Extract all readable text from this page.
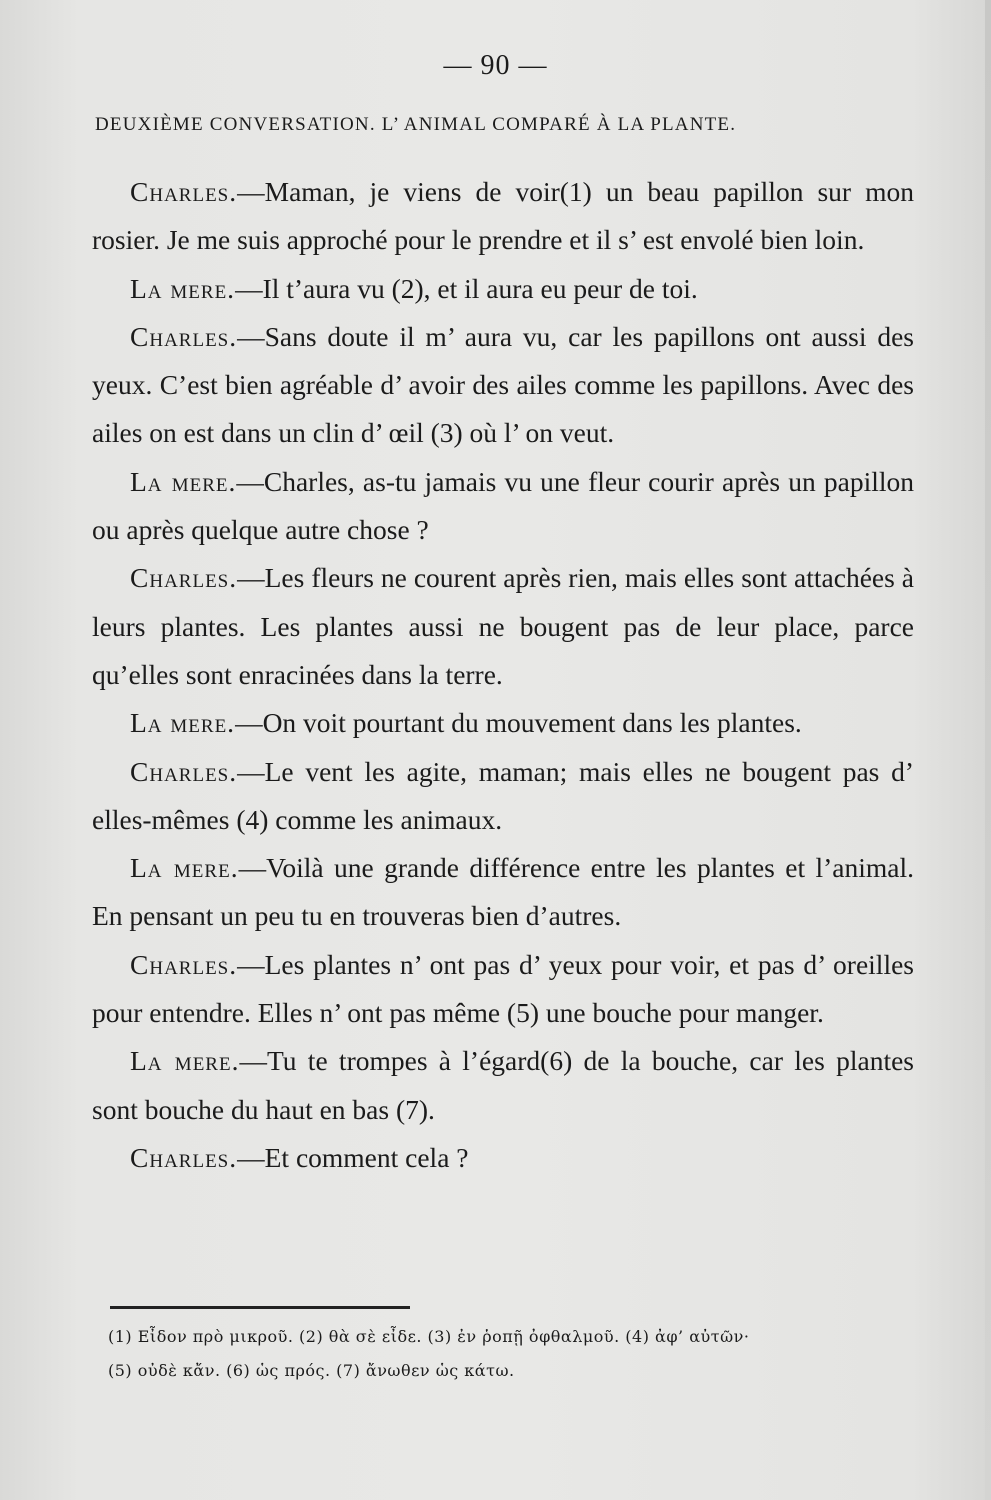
— 90 —
DEUXIÈME CONVERSATION. L’ ANIMAL COMPARÉ À LA PLANTE.

Charles.—Maman, je viens de voir(1) un beau papillon sur mon rosier. Je me suis approché pour le prendre et il s’ est envolé bien loin.

La mere.—Il t’aura vu (2), et il aura eu peur de toi.

Charles.—Sans doute il m’ aura vu, car les papillons ont aussi des yeux. C’est bien agréable d’ avoir des ailes comme les papillons. Avec des ailes on est dans un clin d’ œil (3) où l’ on veut.

La mere.—Charles, as-tu jamais vu une fleur courir après un papillon ou après quelque autre chose ?

Charles.—Les fleurs ne courent après rien, mais elles sont attachées à leurs plantes. Les plantes aussi ne bougent pas de leur place, parce qu’elles sont enracinées dans la terre.

La mere.—On voit pourtant du mouvement dans les plantes.

Charles.—Le vent les agite, maman; mais elles ne bougent pas d’ elles-mêmes (4) comme les animaux.

La mere.—Voilà une grande différence entre les plantes et l’animal. En pensant un peu tu en trouveras bien d’autres.

Charles.—Les plantes n’ ont pas d’ yeux pour voir, et pas d’ oreilles pour entendre. Elles n’ ont pas même (5) une bouche pour manger.

La mere.—Tu te trompes à l’égard(6) de la bouche, car les plantes sont bouche du haut en bas (7).

Charles.—Et comment cela ?

(1) Εἶδον πρὸ μικροῦ. (2) θὰ σὲ εἶδε. (3) ἐν ῥοπῇ ὀφθαλμοῦ. (4) ἀφ’ αὐτῶν·

(5) οὐδὲ κἄν. (6) ὡς πρός. (7) ἄνωθεν ὡς κάτω.
